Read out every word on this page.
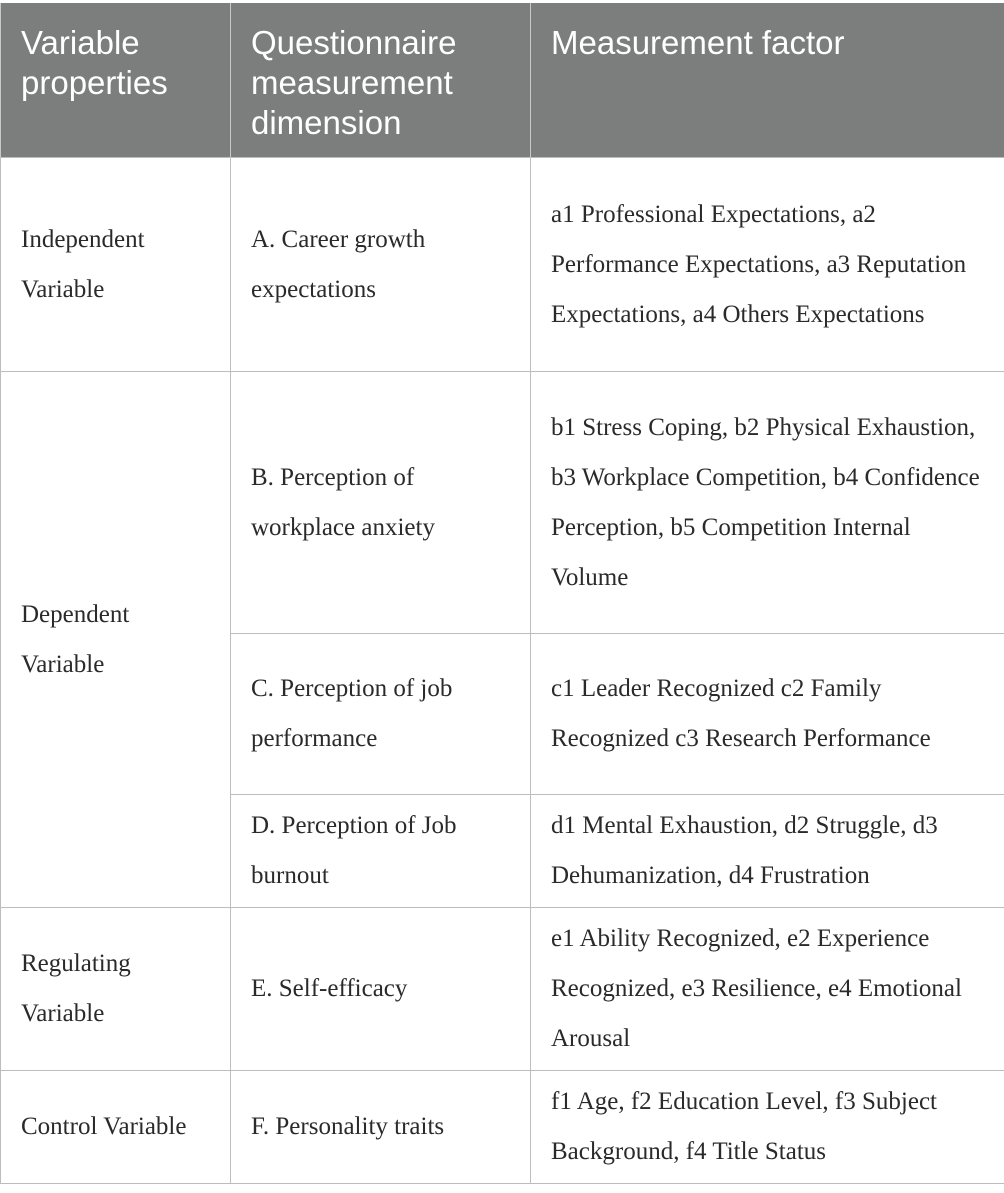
Variable properties	Questionnaire measurement dimension	Measurement factor
Independent Variable	A. Career growth expectations	a1 Professional Expectations, a2 Performance Expectations, a3 Reputation Expectations, a4 Others Expectations
Dependent Variable	B. Perception of workplace anxiety	b1 Stress Coping, b2 Physical Exhaustion, b3 Workplace Competition, b4 Confidence Perception, b5 Competition Internal Volume
	C. Perception of job performance	c1 Leader Recognized c2 Family Recognized c3 Research Performance
	D. Perception of Job burnout	d1 Mental Exhaustion, d2 Struggle, d3 Dehumanization, d4 Frustration
Regulating Variable	E. Self-efficacy	e1 Ability Recognized, e2 Experience Recognized, e3 Resilience, e4 Emotional Arousal
Control Variable	F. Personality traits	f1 Age, f2 Education Level, f3 Subject Background, f4 Title Status
